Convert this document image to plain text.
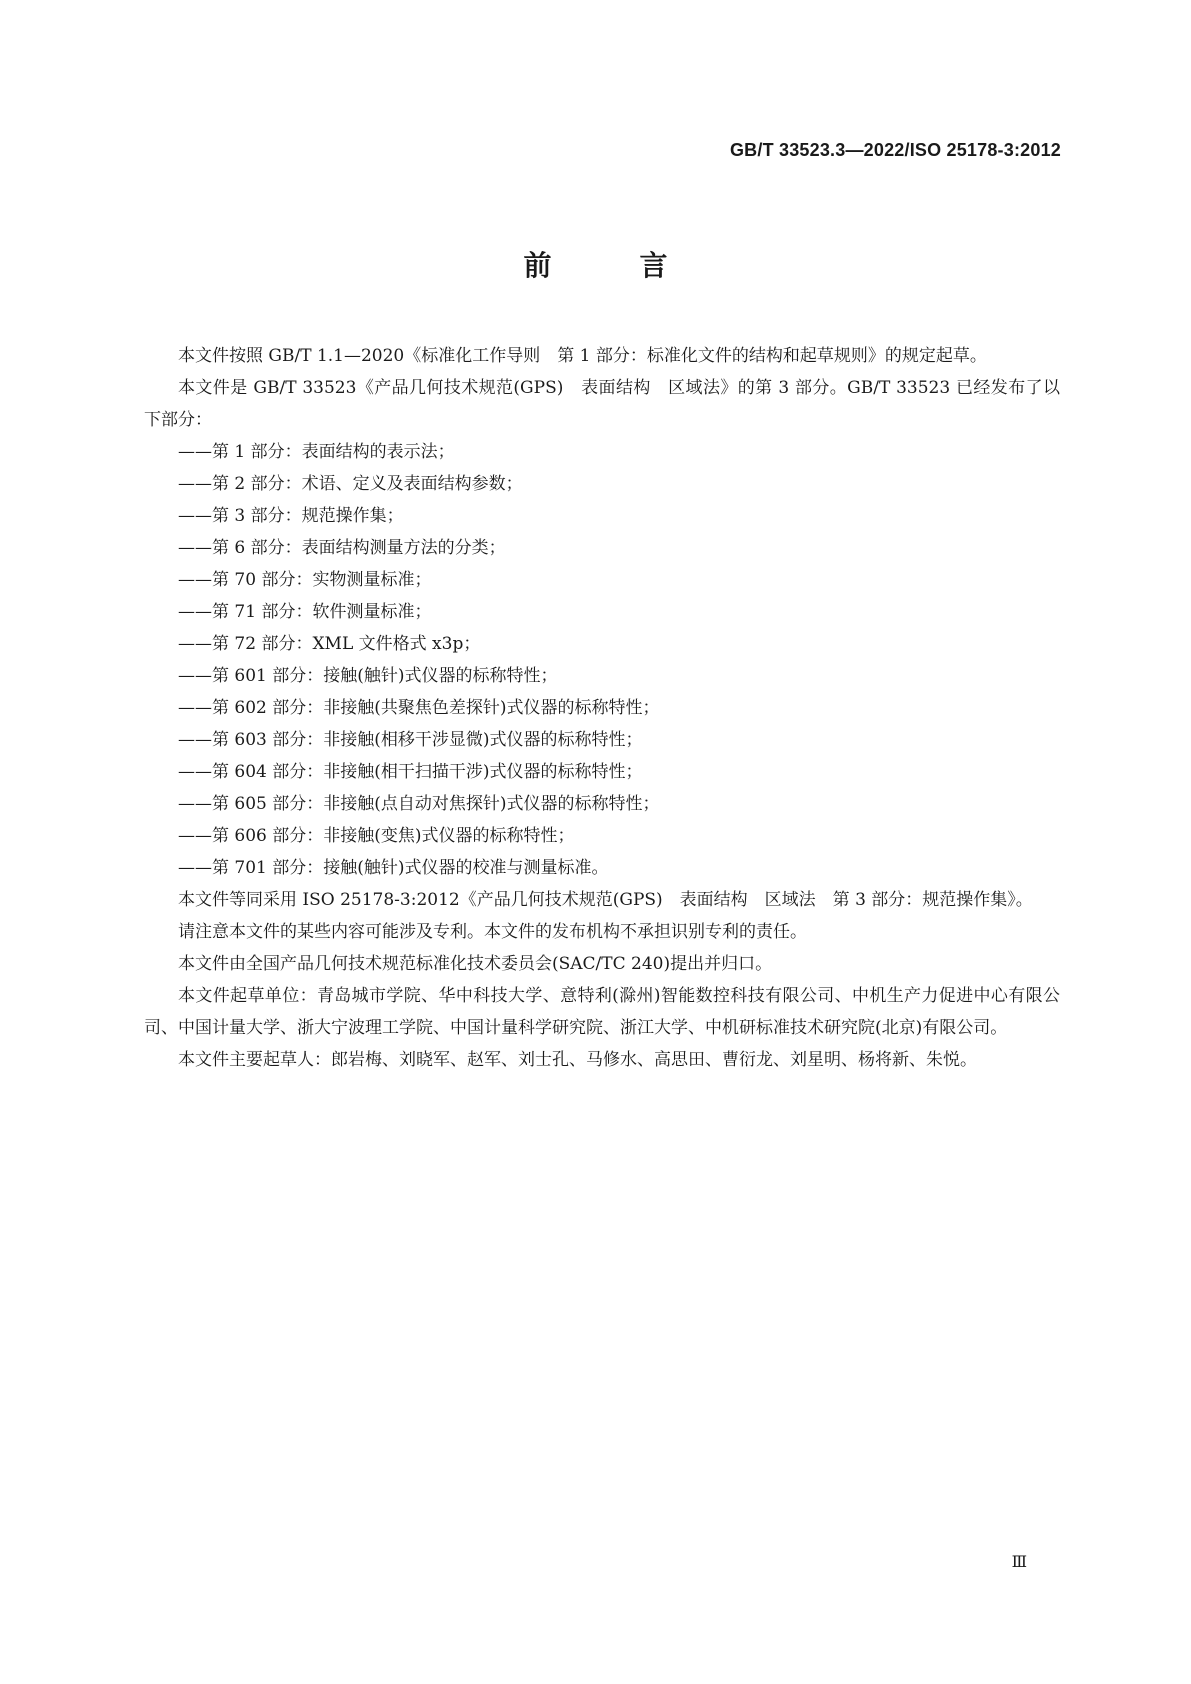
GB/T 33523.3—2022/ISO 25178-3:2012
前	言

本文件按照 GB/T 1.1—2020《标准化工作导则　第 1 部分：标准化文件的结构和起草规则》的规定起草。

本文件是 GB/T 33523《产品几何技术规范(GPS)　表面结构　区域法》的第 3 部分。GB/T 33523 已经发布了以下部分：

——第 1 部分：表面结构的表示法；
——第 2 部分：术语、定义及表面结构参数；
——第 3 部分：规范操作集；
——第 6 部分：表面结构测量方法的分类；
——第 70 部分：实物测量标准；
——第 71 部分：软件测量标准；
——第 72 部分：XML 文件格式 x3p；
——第 601 部分：接触(触针)式仪器的标称特性；
——第 602 部分：非接触(共聚焦色差探针)式仪器的标称特性；
——第 603 部分：非接触(相移干涉显微)式仪器的标称特性；
——第 604 部分：非接触(相干扫描干涉)式仪器的标称特性；
——第 605 部分：非接触(点自动对焦探针)式仪器的标称特性；
——第 606 部分：非接触(变焦)式仪器的标称特性；
——第 701 部分：接触(触针)式仪器的校准与测量标准。

本文件等同采用 ISO 25178-3:2012《产品几何技术规范(GPS)　表面结构　区域法　第 3 部分：规范操作集》。

请注意本文件的某些内容可能涉及专利。本文件的发布机构不承担识别专利的责任。

本文件由全国产品几何技术规范标准化技术委员会(SAC/TC 240)提出并归口。

本文件起草单位：青岛城市学院、华中科技大学、意特利(滁州)智能数控科技有限公司、中机生产力促进中心有限公司、中国计量大学、浙大宁波理工学院、中国计量科学研究院、浙江大学、中机研标准技术研究院(北京)有限公司。

本文件主要起草人：郎岩梅、刘晓军、赵军、刘士孔、马修水、高思田、曹衍龙、刘星明、杨将新、朱悦。

Ⅲ
